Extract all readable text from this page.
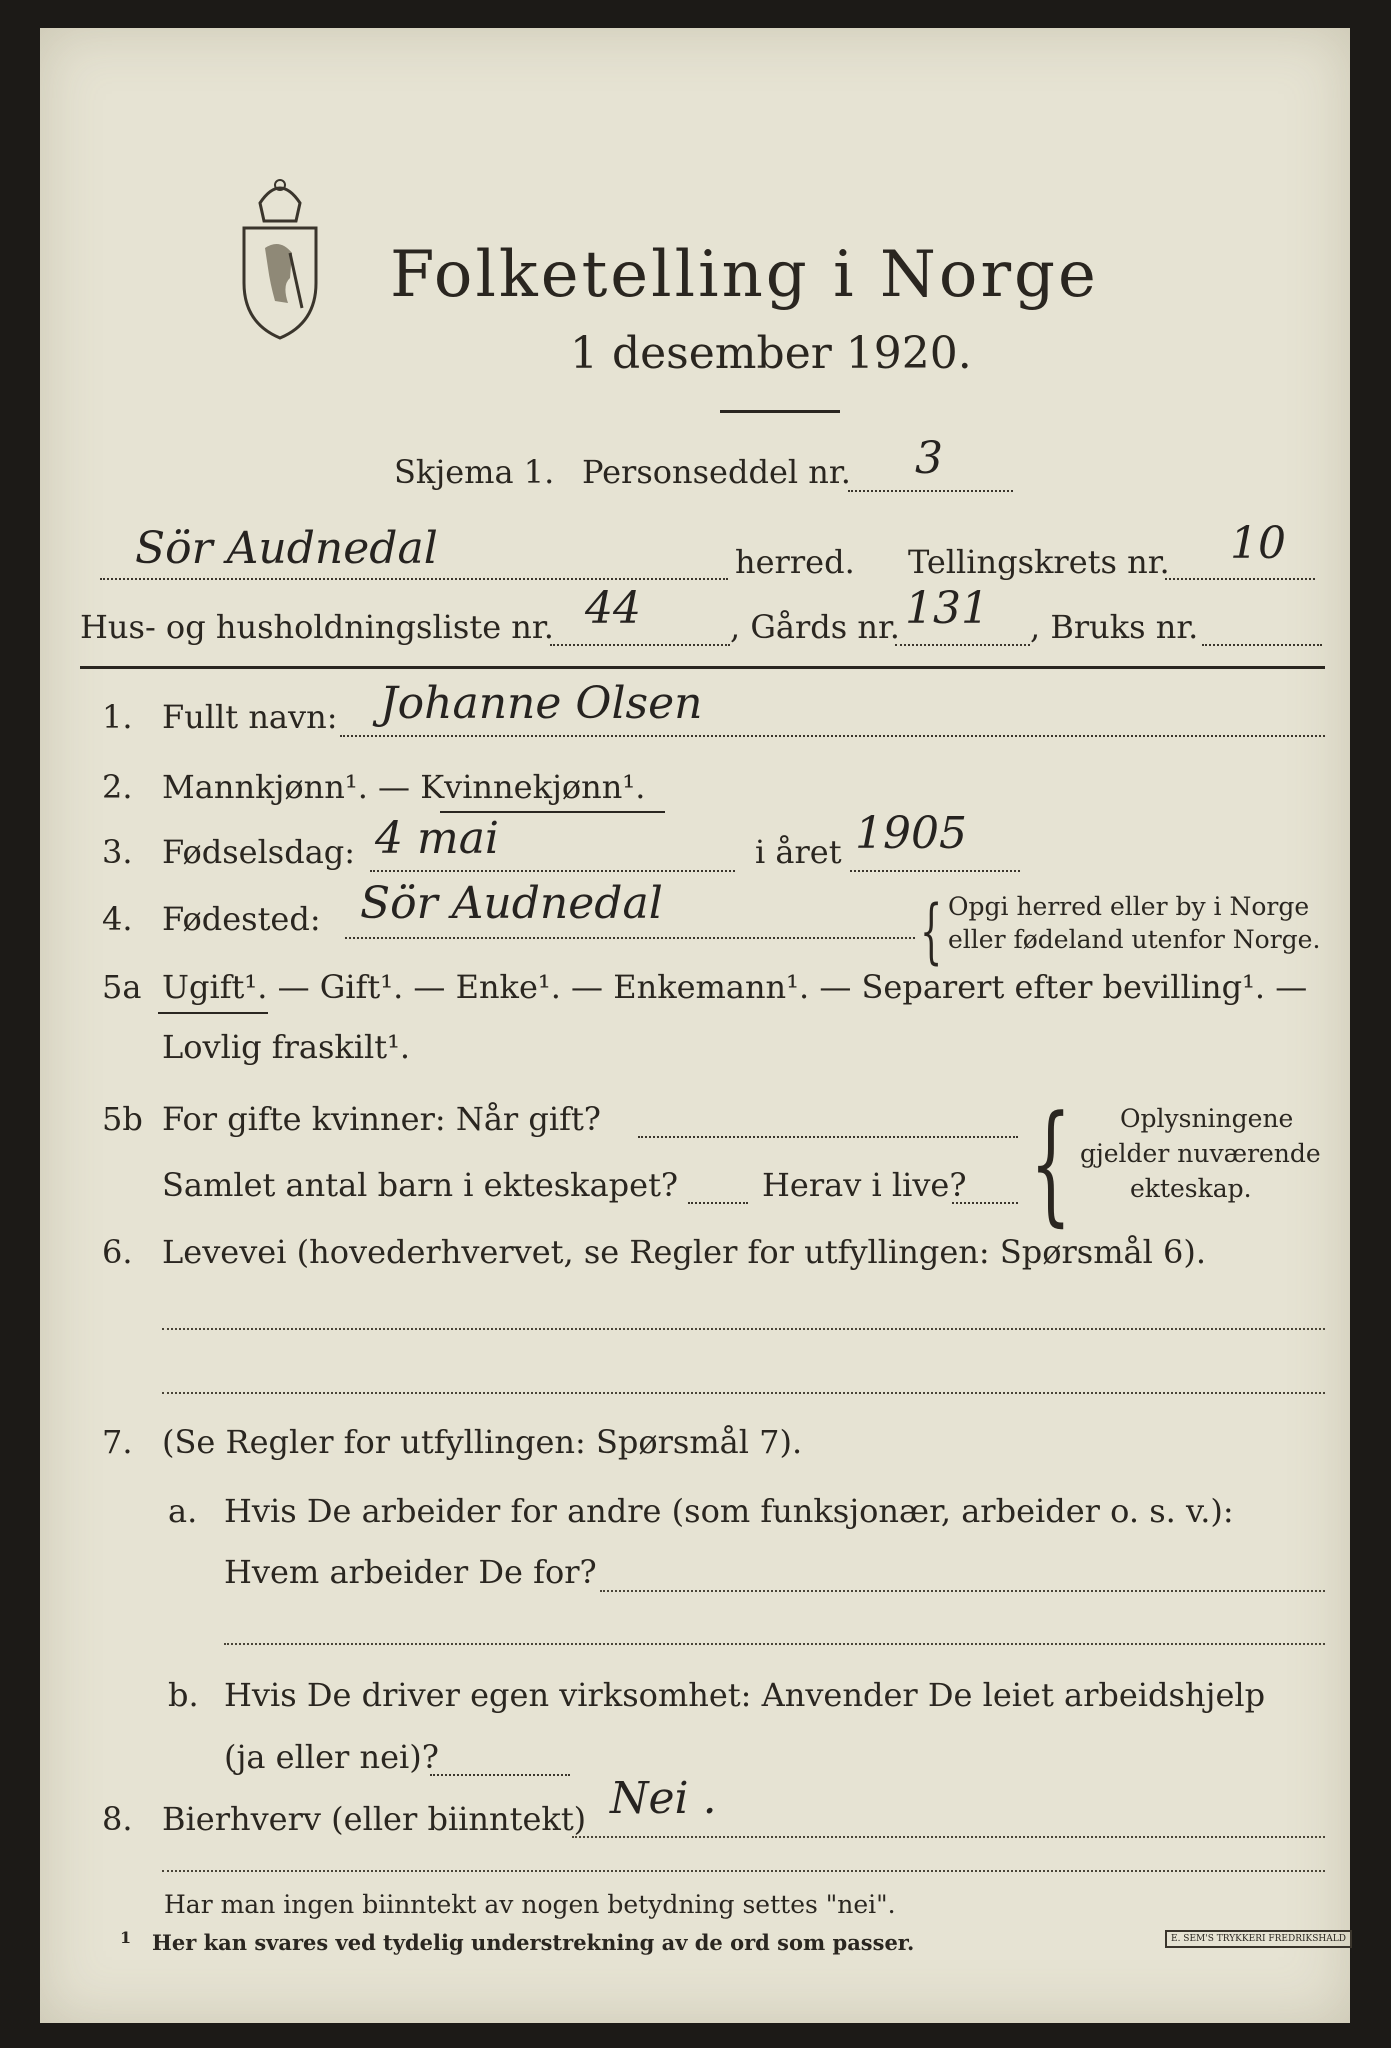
Folketelling i Norge
1 desember 1920.
Skjema 1. Personseddel nr. 3
Sör Audnedal	herred. Tellingskrets nr. 10
Hus- og husholdningsliste nr. 44	, Gårds nr. 131 , Bruks nr.
1. Fullt navn: Johanne Olsen
2. Mannkjønn¹. — Kvinnekjønn¹.
3. Fødselsdag: 4 mai	i året 1905
4. Fødested: Sör Audnedal	{ Opgi herred eller by i Norge
eller fødeland utenfor Norge.
5a Ugift¹. — Gift¹. — Enke¹. — Enkemann¹. — Separert efter bevilling¹. —
Lovlig fraskilt¹.
5b For gifte kvinner: Når gift?
Samlet antal barn i ekteskapet?	Herav i live? { Oplysningene
gjelder nuværende
ekteskap.
6. Levevei (hovederhvervet, se Regler for utfyllingen: Spørsmål 6).
7. (Se Regler for utfyllingen: Spørsmål 7).
a. Hvis De arbeider for andre (som funksjonær, arbeider o. s. v.):
Hvem arbeider De for?
b. Hvis De driver egen virksomhet: Anvender De leiet arbeidshjelp
(ja eller nei)?
8. Bierhverv (eller biinntekt) Nei .
Har man ingen biinntekt av nogen betydning settes "nei".
1 Her kan svares ved tydelig understrekning av de ord som passer.	E. SEM'S TRYKKERI FREDRIKSHALD
